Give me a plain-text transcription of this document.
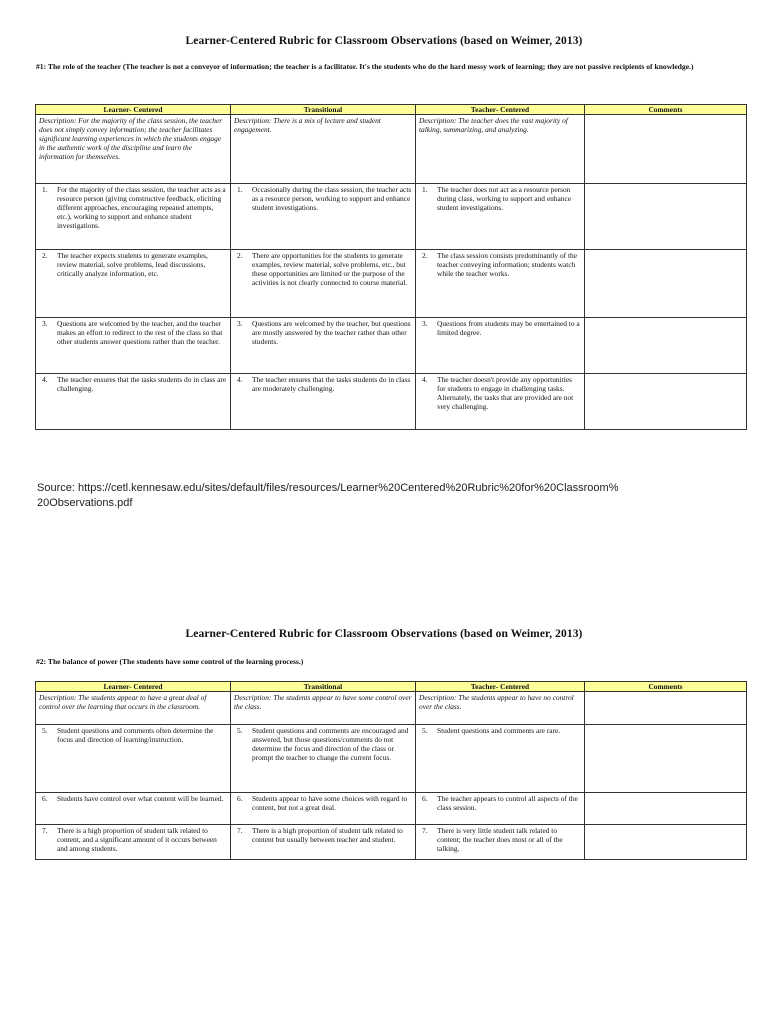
Learner-Centered Rubric for Classroom Observations (based on Weimer, 2013)
#1: The role of the teacher (The teacher is not a conveyor of information; the teacher is a facilitator. It's the students who do the hard messy work of learning; they are not passive recipients of knowledge.)
Learner- Centered	Transitional	Teacher- Centered	Comments
Description: For the majority of the class session, the teacher does not simply convey information; the teacher facilitates significant learning experiences in which the students engage in the authentic work of the discipline and learn the information for themselves.	Description: There is a mix of lecture and student engagement.	Description: The teacher does the vast majority of talking, summarizing, and analyzing.	

1. For the majority of the class session, the teacher acts as a resource person (giving constructive feedback, eliciting different approaches, encouraging repeated attempts, etc.), working to support and enhance student investigations.	1. Occasionally during the class session, the teacher acts as a resource person, working to support and enhance student investigations.	1. The teacher does not act as a resource person during class, working to support and enhance student investigations.	

2. The teacher expects students to generate examples, review material, solve problems, lead discussions, critically analyze information, etc.	2. There are opportunities for the students to generate examples, review material, solve problems, etc., but these opportunities are limited or the purpose of the activities is not clearly connected to course material.	2. The class session consists predominantly of the teacher conveying information; students watch while the teacher works.	

3. Questions are welcomed by the teacher, and the teacher makes an effort to redirect to the rest of the class so that other students answer questions rather than the teacher.	3. Questions are welcomed by the teacher, but questions are mostly answered by the teacher rather than other students.	3. Questions from students may be entertained to a limited degree.	

4. The teacher ensures that the tasks students do in class are challenging.	4. The teacher ensures that the tasks students do in class are moderately challenging.	4. The teacher doesn't provide any opportunities for students to engage in challenging tasks. Alternately, the tasks that are provided are not very challenging.	

Source: https://cetl.kennesaw.edu/sites/default/files/resources/Learner%20Centered%20Rubric%20for%20Classroom%
20Observations.pdf
Learner-Centered Rubric for Classroom Observations (based on Weimer, 2013)
#2: The balance of power (The students have some control of the learning process.)
Learner- Centered	Transitional	Teacher- Centered	Comments
Description: The students appear to have a great deal of control over the learning that occurs in the classroom.	Description: The students appear to have some control over the class.	Description: The students appear to have no control over the class.	

5. Student questions and comments often determine the focus and direction of learning/instruction.	5. Student questions and comments are encouraged and answered, but those questions/comments do not determine the focus and direction of the class or prompt the teacher to change the current focus.	5. Student questions and comments are rare.	

6. Students have control over what content will be learned.	6. Students appear to have some choices with regard to content, but not a great deal.	6. The teacher appears to control all aspects of the class session.	

7. There is a high proportion of student talk related to content, and a significant amount of it occurs between and among students.	7. There is a high proportion of student talk related to content but usually between teacher and student.	7. There is very little student talk related to content; the teacher does most or all of the talking.	
